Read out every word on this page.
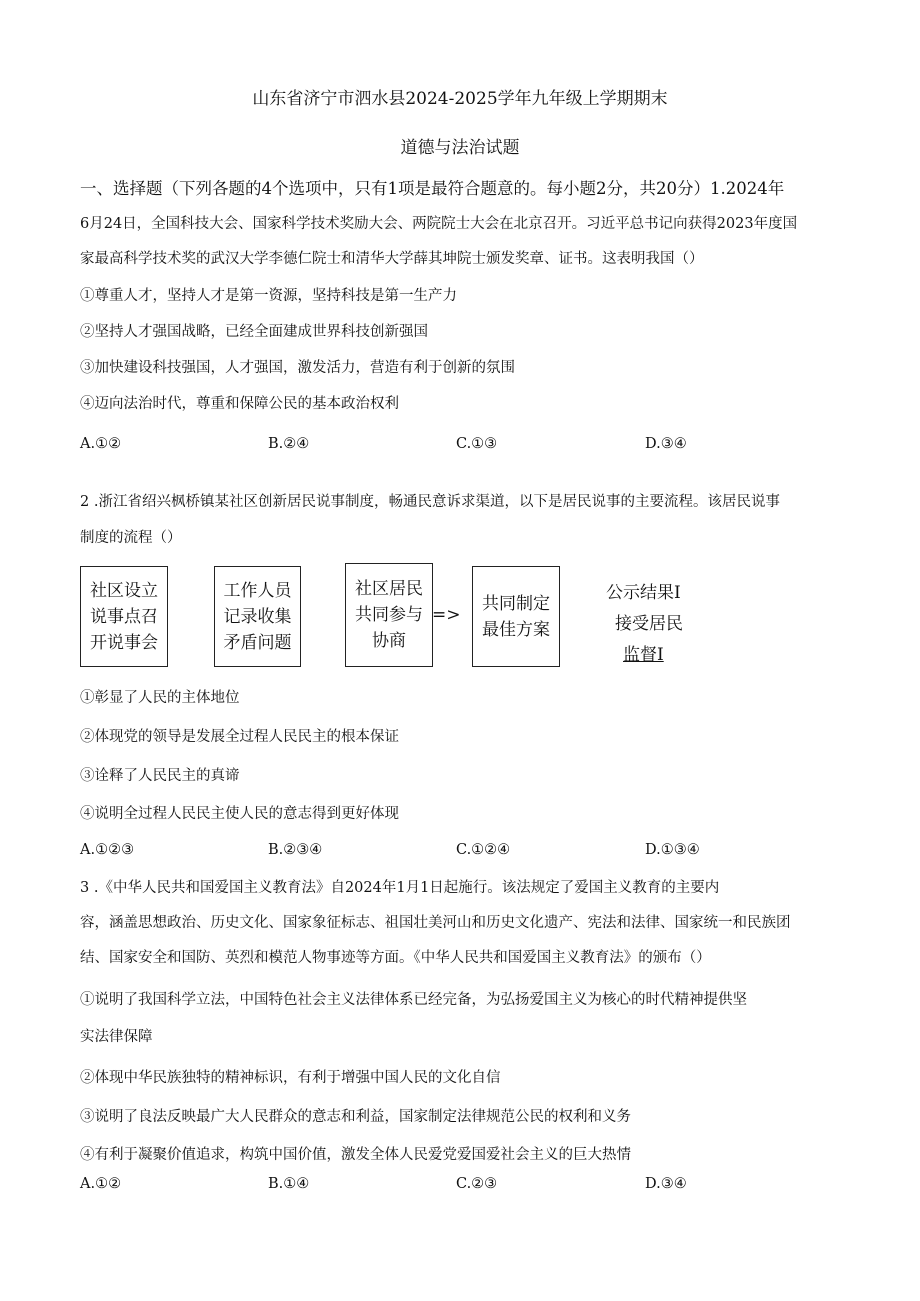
山东省济宁市泗水县2024-2025学年九年级上学期期末
道德与法治试题
一、选择题（下列各题的4个选项中，只有1项是最符合题意的。每小题2分，共20分）1.2024年
6月24日，全国科技大会、国家科学技术奖励大会、两院院士大会在北京召开。习近平总书记向获得2023年度国
家最高科学技术奖的武汉大学李德仁院士和清华大学薛其坤院士颁发奖章、证书。这表明我国（）
①尊重人才，坚持人才是第一资源，坚持科技是第一生产力
②坚持人才强国战略，已经全面建成世界科技创新强国
③加快建设科技强国，人才强国，激发活力，营造有利于创新的氛围
④迈向法治时代，尊重和保障公民的基本政治权利
A.①②	B.②④	C.①③	D.③④
2 .浙江省绍兴枫桥镇某社区创新居民说事制度，畅通民意诉求渠道，以下是居民说事的主要流程。该居民说事
制度的流程（）
社区设立
说事点召
开说事会
工作人员
记录收集
矛盾问题
社区居民
共同参与
协商
=>
共同制定
最佳方案
公示结果I
接受居民
监督I
①彰显了人民的主体地位
②体现党的领导是发展全过程人民民主的根本保证
③诠释了人民民主的真谛
④说明全过程人民民主使人民的意志得到更好体现
A.①②③	B.②③④	C.①②④	D.①③④
3 .《中华人民共和国爱国主义教育法》自2024年1月1日起施行。该法规定了爱国主义教育的主要内
容，涵盖思想政治、历史文化、国家象征标志、祖国壮美河山和历史文化遗产、宪法和法律、国家统一和民族团
结、国家安全和国防、英烈和模范人物事迹等方面。《中华人民共和国爱国主义教育法》的颁布（）
①说明了我国科学立法，中国特色社会主义法律体系已经完备，为弘扬爱国主义为核心的时代精神提供坚
实法律保障
②体现中华民族独特的精神标识，有利于增强中国人民的文化自信
③说明了良法反映最广大人民群众的意志和利益，国家制定法律规范公民的权利和义务
④有利于凝聚价值追求，构筑中国价值，激发全体人民爱党爱国爱社会主义的巨大热情
A.①②	B.①④	C.②③	D.③④
